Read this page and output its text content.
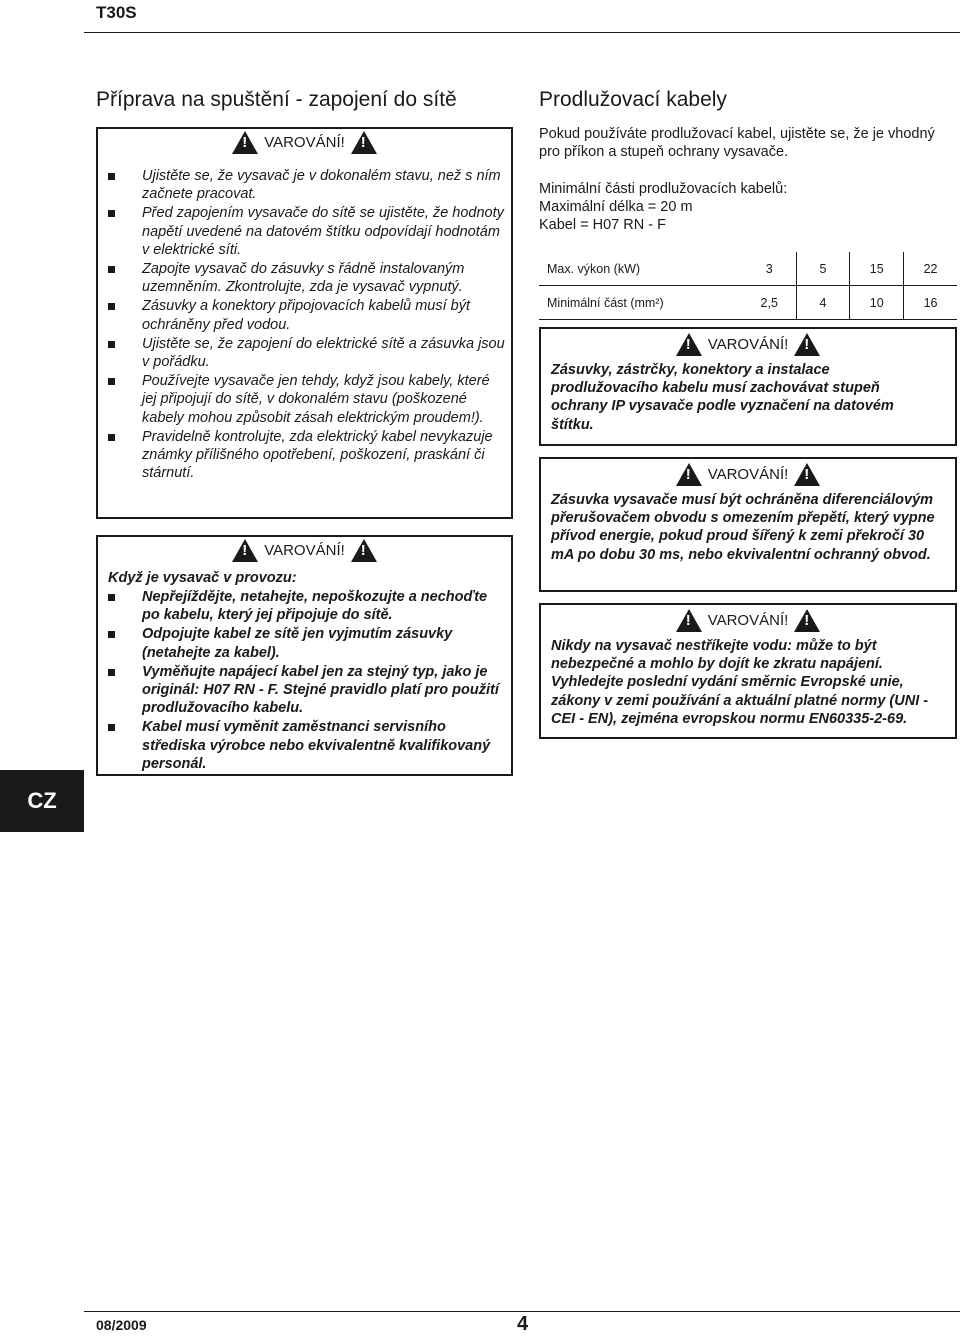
T30S
Příprava na spuštění - zapojení do sítě
!
VAROVÁNÍ!
!
Ujistěte se, že vysavač je v dokonalém stavu, než s ním začnete pracovat.
Před zapojením vysavače do sítě se ujistěte, že hodnoty napětí uvedené na datovém štítku odpovídají hodnotám v elektrické síti.
Zapojte vysavač do zásuvky s řádně instalovaným uzemněním. Zkontrolujte, zda je vysavač vypnutý.
Zásuvky a konektory připojovacích kabelů musí být ochráněny před vodou.
Ujistěte se, že zapojení do elektrické sítě a zásuvka jsou v pořádku.
Používejte vysavače jen tehdy, když jsou kabely, které jej připojují do sítě, v dokonalém stavu (poškozené kabely mohou způsobit zásah elektrickým proudem!).
Pravidelně kontrolujte, zda elektrický kabel nevykazuje známky přílišného opotřebení, poškození, praskání či stárnutí.
!
VAROVÁNÍ!
!
Když je vysavač v provozu:
Nepřejíždějte, netahejte, nepoškozujte a nechoďte po kabelu, který jej připojuje do sítě.
Odpojujte kabel ze sítě jen vyjmutím zásuvky (netahejte za kabel).
Vyměňujte napájecí kabel jen za stejný typ, jako je originál: H07 RN - F. Stejné pravidlo platí pro použití prodlužovacího kabelu.
Kabel musí vyměnit zaměstnanci servisního střediska výrobce nebo ekvivalentně kvalifikovaný personál.
CZ
Prodlužovací kabely
Pokud používáte prodlužovací kabel, ujistěte se, že je vhodný pro příkon a stupeň ochrany vysavače.
Minimální části prodlužovacích kabelů:
Maximální délka = 20 m
Kabel = H07 RN - F
Max. výkon (kW)	3	5	15	22
Minimální část (mm²)	2,5	4	10	16
!
VAROVÁNÍ!
!
Zásuvky, zástrčky, konektory a instalace prodlužovacího kabelu musí zachovávat stupeň ochrany IP vysavače podle vyznačení na datovém štítku.
!
VAROVÁNÍ!
!
Zásuvka vysavače musí být ochráněna diferenciálovým přerušovačem obvodu s omezením přepětí, který vypne přívod energie, pokud proud šířený k zemi překročí 30 mA po dobu 30 ms, nebo ekvivalentní ochranný obvod.
!
VAROVÁNÍ!
!
Nikdy na vysavač nestříkejte vodu: může to být nebezpečné a mohlo by dojít ke zkratu napájení. Vyhledejte poslední vydání směrnic Evropské unie, zákony v zemi používání a aktuální platné normy (UNI - CEI - EN), zejména evropskou normu EN60335-2-69.
08/2009	4
